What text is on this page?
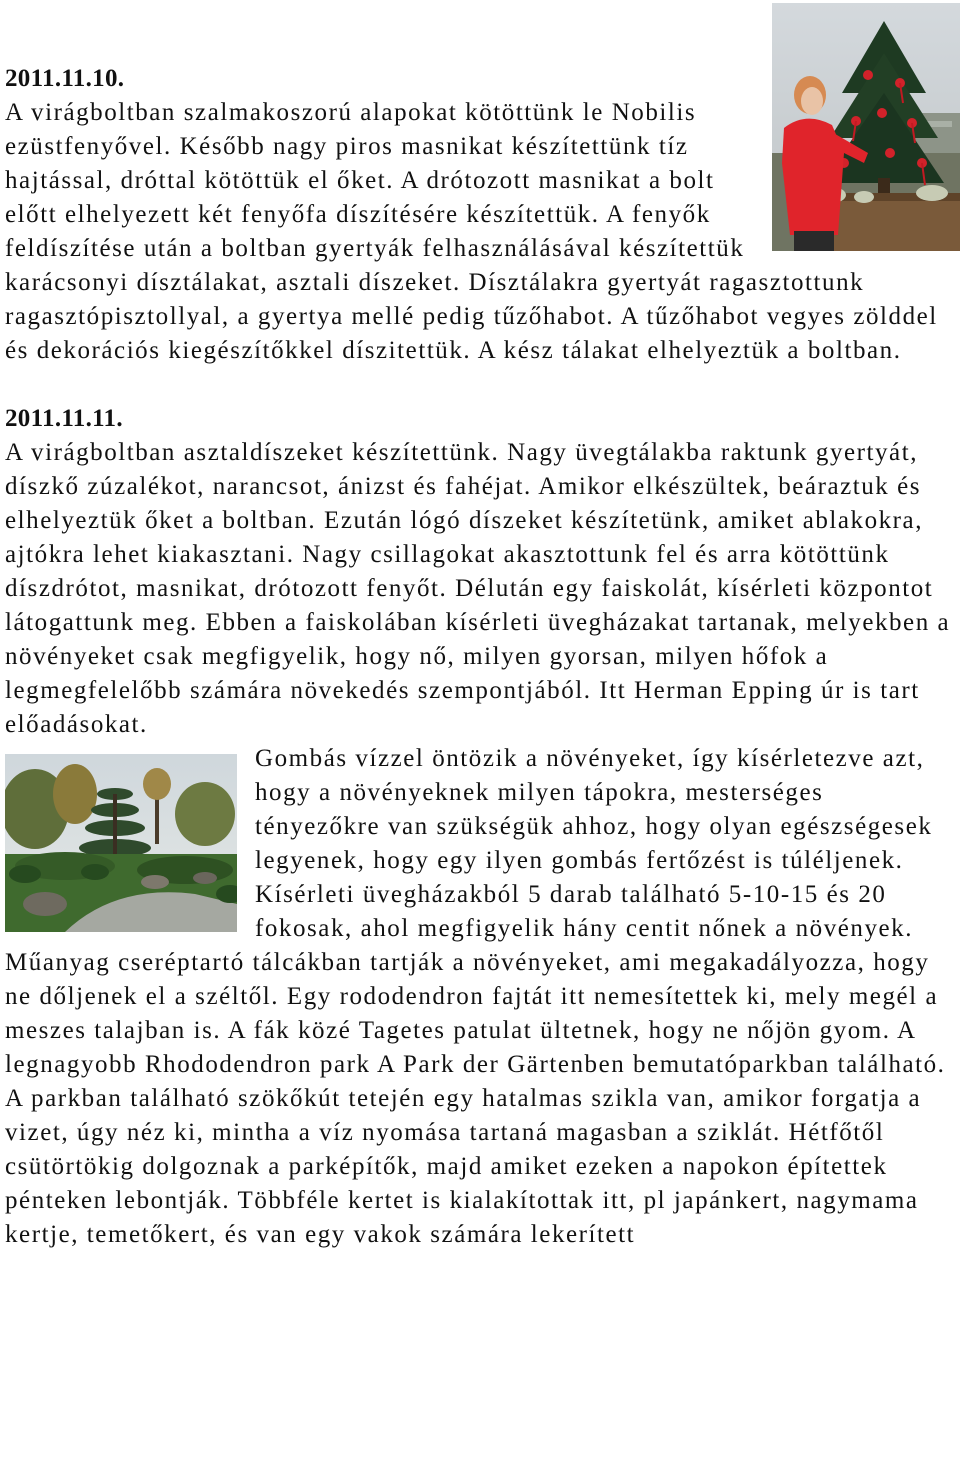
2011.11.10.

A virágboltban szalmakoszorú alapokat kötöttünk le Nobilis ezüstfenyővel. Később nagy piros masnikat készítettünk tíz hajtással, dróttal kötöttük el őket. A drótozott masnikat a bolt előtt elhelyezett két fenyőfa díszítésére készítettük. A fenyők feldíszítése után a boltban gyertyák felhasználásával készítettük karácsonyi dísztálakat, asztali díszeket. Dísztálakra gyertyát ragasztottunk ragasztópisztollyal, a gyertya mellé pedig tűzőhabot. A tűzőhabot vegyes zölddel és dekorációs kiegészítőkkel díszitettük. A kész tálakat elhelyeztük a boltban.

2011.11.11.

A virágboltban asztaldíszeket készítettünk. Nagy üvegtálakba raktunk gyertyát, díszkő zúzalékot, narancsot, ánizst és fahéjat. Amikor elkészültek, beáraztuk és elhelyeztük őket a boltban. Ezután lógó díszeket készítetünk, amiket ablakokra, ajtókra lehet kiakasztani. Nagy csillagokat akasztottunk fel és arra kötöttünk díszdrótot, masnikat, drótozott fenyőt. Délután egy faiskolát, kísérleti központot látogattunk meg. Ebben a faiskolában kísérleti üvegházakat tartanak, melyekben a növényeket csak megfigyelik, hogy nő, milyen gyorsan, milyen hőfok a legmegfelelőbb számára növekedés szempontjából. Itt Herman Epping úr is tart előadásokat.

Gombás vízzel öntözik a növényeket, így kísérletezve azt, hogy a növényeknek milyen tápokra, mesterséges tényezőkre van szükségük ahhoz, hogy olyan egészségesek legyenek, hogy egy ilyen gombás fertőzést is túléljenek. Kísérleti üvegházakból 5 darab található 5-10-15 és 20 fokosak, ahol megfigyelik hány centit nőnek a növények. Műanyag cseréptartó tálcákban tartják a növényeket, ami megakadályozza, hogy ne dőljenek el a széltől. Egy rododendron fajtát itt nemesítettek ki, mely megél a meszes talajban is. A fák közé Tagetes patulat ültetnek, hogy ne nőjön gyom. A legnagyobb Rhododendron park A Park der Gärtenben bemutatóparkban található. A parkban található szökőkút tetején egy hatalmas szikla van, amikor forgatja a vizet, úgy néz ki, mintha a víz nyomása tartaná magasban a sziklát. Hétfőtől csütörtökig dolgoznak a parképítők, majd amiket ezeken a napokon építettek pénteken lebontják. Többféle kertet is kialakítottak itt, pl japánkert, nagymama kertje, temetőkert, és van egy vakok számára lekerített
